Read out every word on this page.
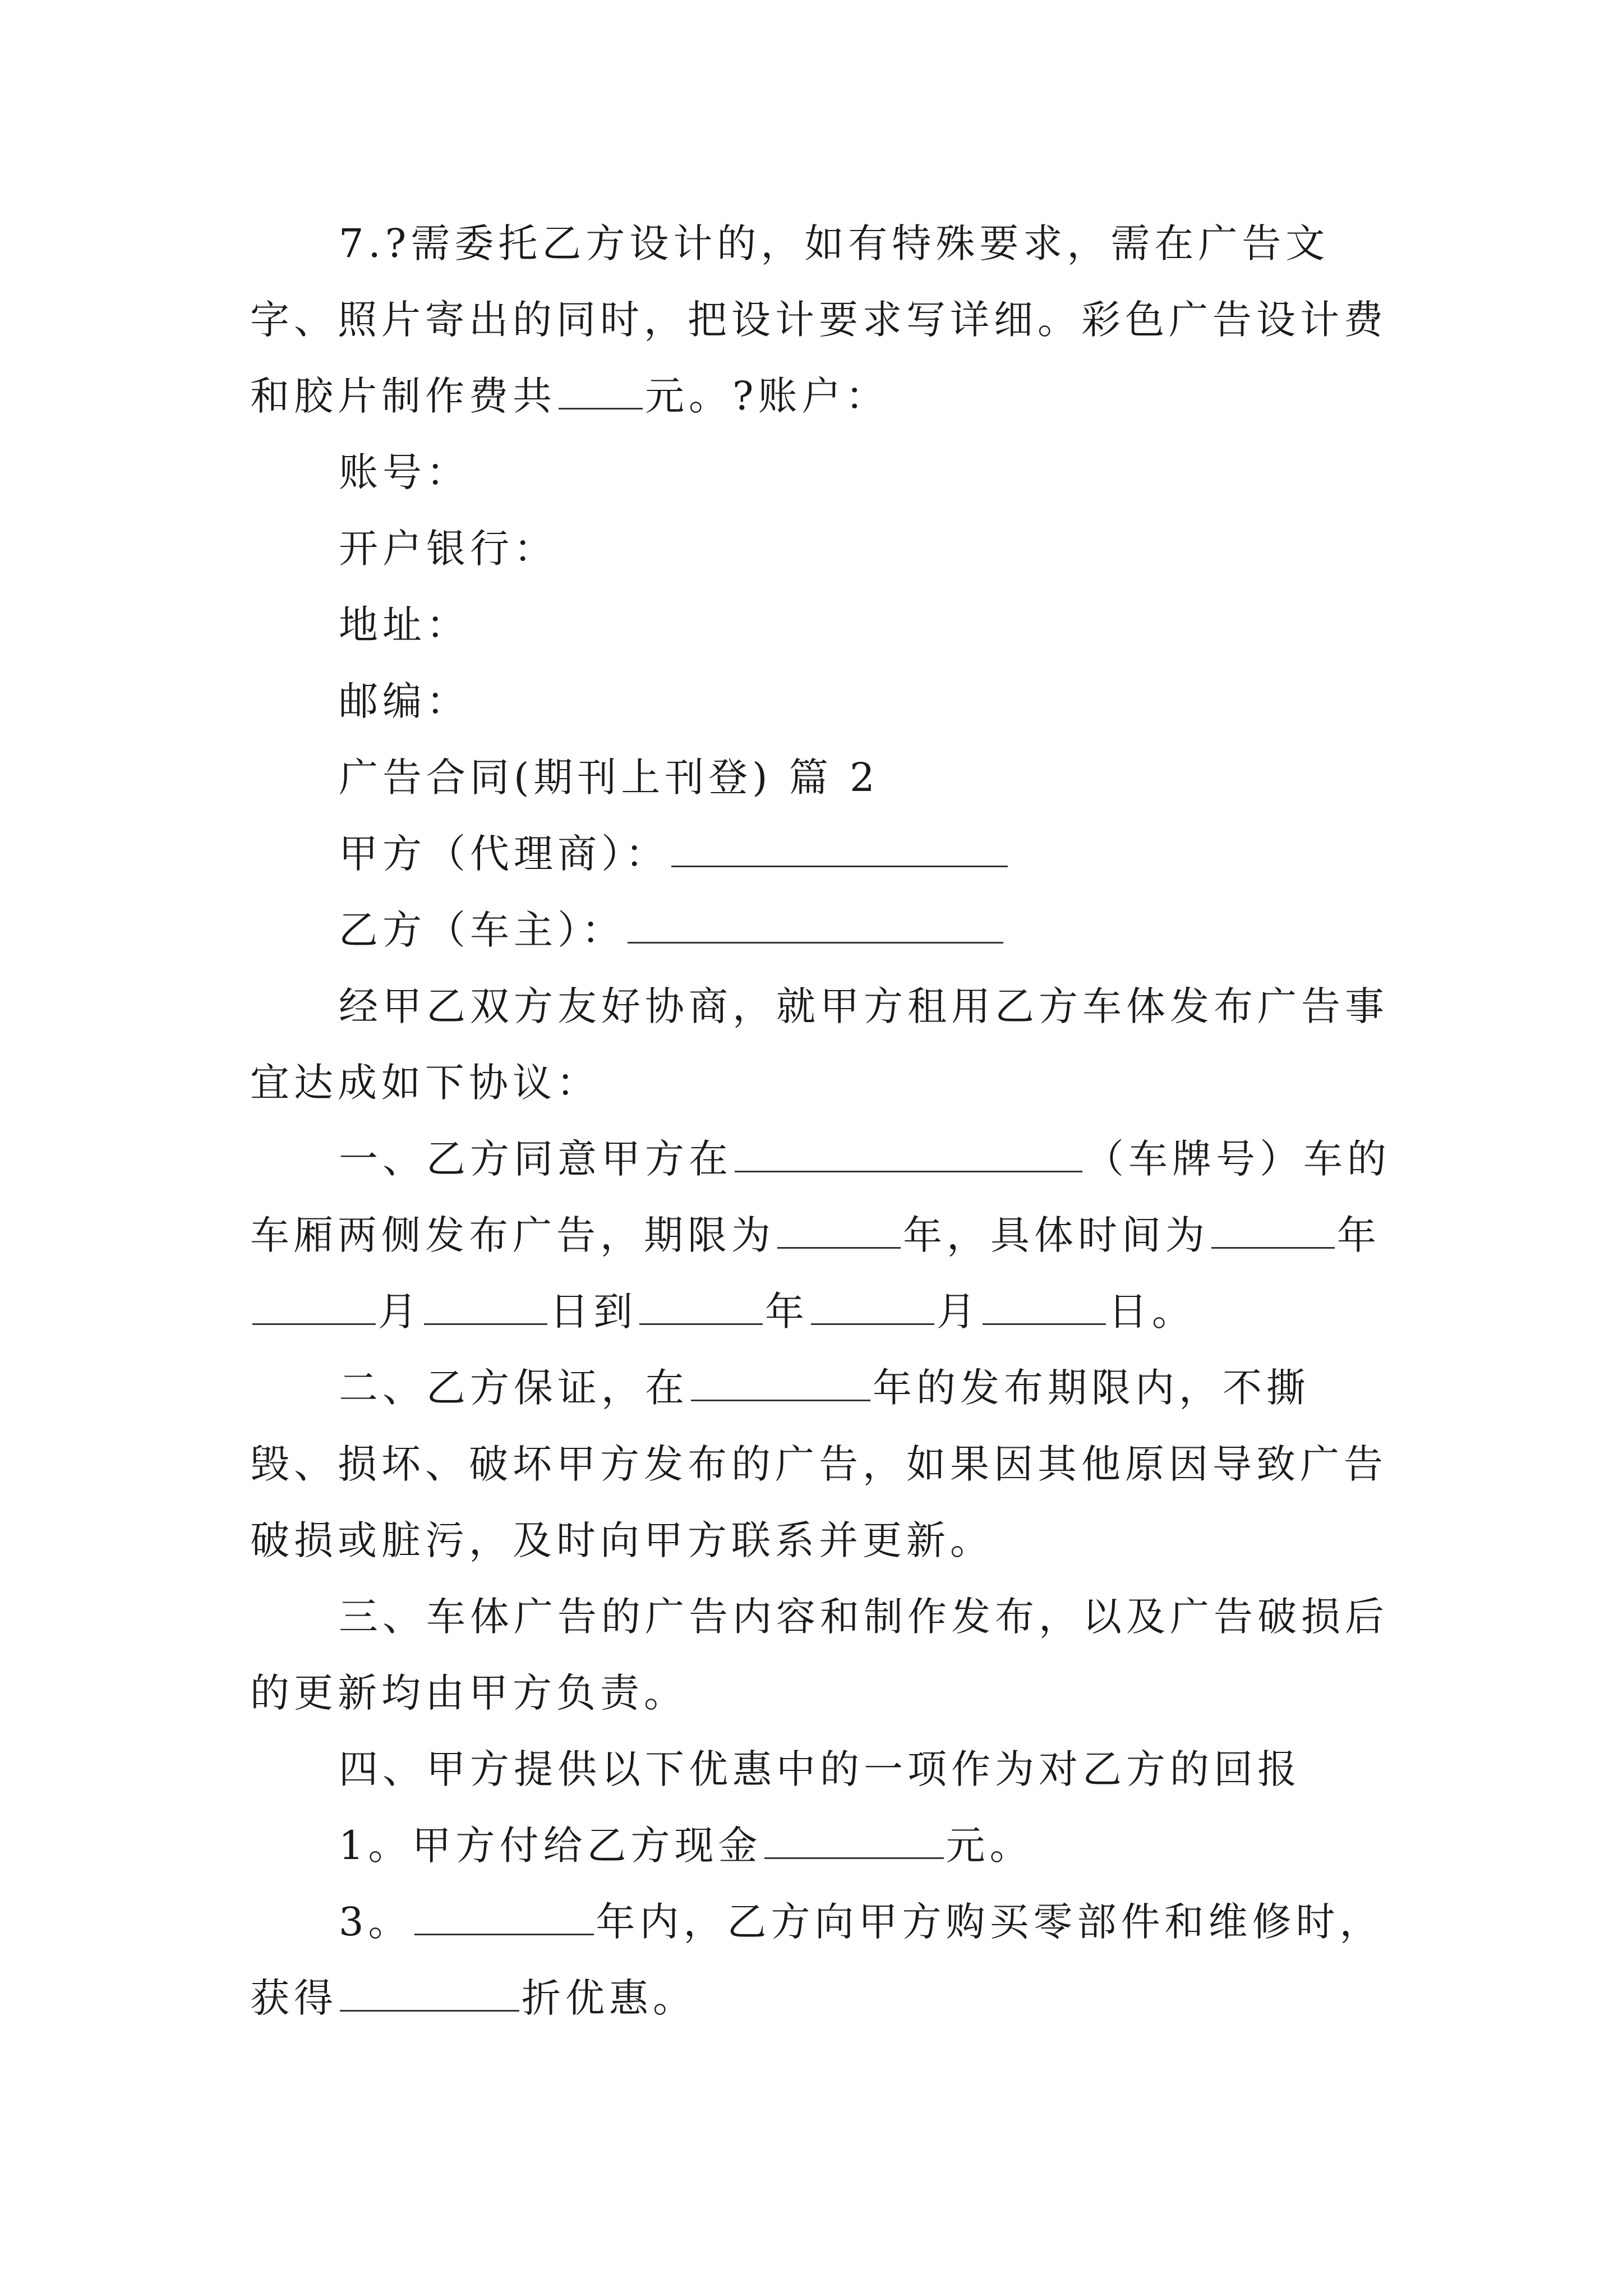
7.?需委托乙方设计的，如有特殊要求，需在广告文字、照片寄出的同时，把设计要求写详细。彩色广告设计费和胶片制作费共 元。?账户：

账号：

开户银行：

地址：

邮编：

广告合同(期刊上刊登) 篇 2

甲方（代理商）：

乙方（车主）：

经甲乙双方友好协商，就甲方租用乙方车体发布广告事宜达成如下协议：

一、乙方同意甲方在	（车牌号）车的车厢两侧发布广告，期限为	年，具体时间为	年月	日到	年	月	日。

二、乙方保证，在	年的发布期限内，不撕毁、损坏、破坏甲方发布的广告，如果因其他原因导致广告破损或脏污，及时向甲方联系并更新。

三、车体广告的广告内容和制作发布，以及广告破损后的更新均由甲方负责。

四、甲方提供以下优惠中的一项作为对乙方的回报

1。甲方付给乙方现金	元。

3。	年内，乙方向甲方购买零部件和维修时，获得	折优惠。
